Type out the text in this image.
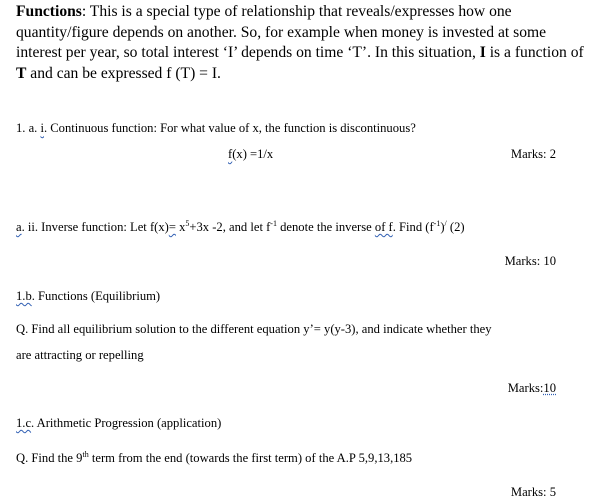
Functions: This is a special type of relationship that reveals/expresses how one quantity/figure depends on another. So, for example when money is invested at some interest per year, so total interest ‘I’ depends on time ‘T’. In this situation, I is a function of T and can be expressed f (T) = I.

1. a. i. Continuous function: For what value of x, the function is discontinuous?

f(x) =1/x	Marks: 2

a. ii. Inverse function: Let $f(x)= x^5+3x$ -2, and let $f^{-1}$ denote the inverse of f. Find $(f^{-1})^/$ (2)

Marks: 10

1.b. Functions (Equilibrium)

Q. Find all equilibrium solution to the different equation y’= y(y-3), and indicate whether they

are attracting or repelling

Marks:10

1.c. Arithmetic Progression (application)

Q. Find the 9th term from the end (towards the first term) of the A.P 5,9,13,185

Marks: 5
